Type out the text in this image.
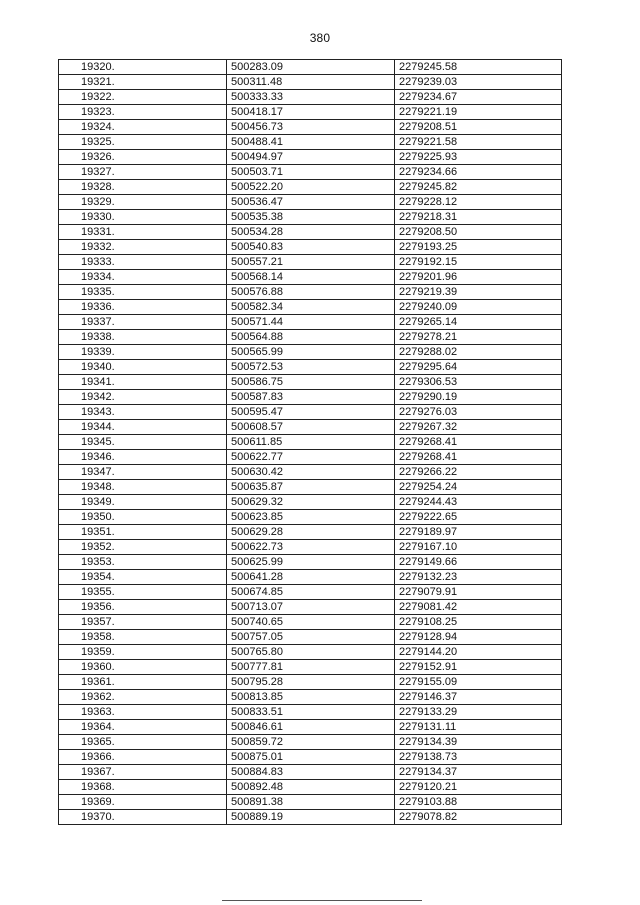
380
19320.	500283.09	2279245.58
19321.	500311.48	2279239.03
19322.	500333.33	2279234.67
19323.	500418.17	2279221.19
19324.	500456.73	2279208.51
19325.	500488.41	2279221.58
19326.	500494.97	2279225.93
19327.	500503.71	2279234.66
19328.	500522.20	2279245.82
19329.	500536.47	2279228.12
19330.	500535.38	2279218.31
19331.	500534.28	2279208.50
19332.	500540.83	2279193.25
19333.	500557.21	2279192.15
19334.	500568.14	2279201.96
19335.	500576.88	2279219.39
19336.	500582.34	2279240.09
19337.	500571.44	2279265.14
19338.	500564.88	2279278.21
19339.	500565.99	2279288.02
19340.	500572.53	2279295.64
19341.	500586.75	2279306.53
19342.	500587.83	2279290.19
19343.	500595.47	2279276.03
19344.	500608.57	2279267.32
19345.	500611.85	2279268.41
19346.	500622.77	2279268.41
19347.	500630.42	2279266.22
19348.	500635.87	2279254.24
19349.	500629.32	2279244.43
19350.	500623.85	2279222.65
19351.	500629.28	2279189.97
19352.	500622.73	2279167.10
19353.	500625.99	2279149.66
19354.	500641.28	2279132.23
19355.	500674.85	2279079.91
19356.	500713.07	2279081.42
19357.	500740.65	2279108.25
19358.	500757.05	2279128.94
19359.	500765.80	2279144.20
19360.	500777.81	2279152.91
19361.	500795.28	2279155.09
19362.	500813.85	2279146.37
19363.	500833.51	2279133.29
19364.	500846.61	2279131.11
19365.	500859.72	2279134.39
19366.	500875.01	2279138.73
19367.	500884.83	2279134.37
19368.	500892.48	2279120.21
19369.	500891.38	2279103.88
19370.	500889.19	2279078.82
